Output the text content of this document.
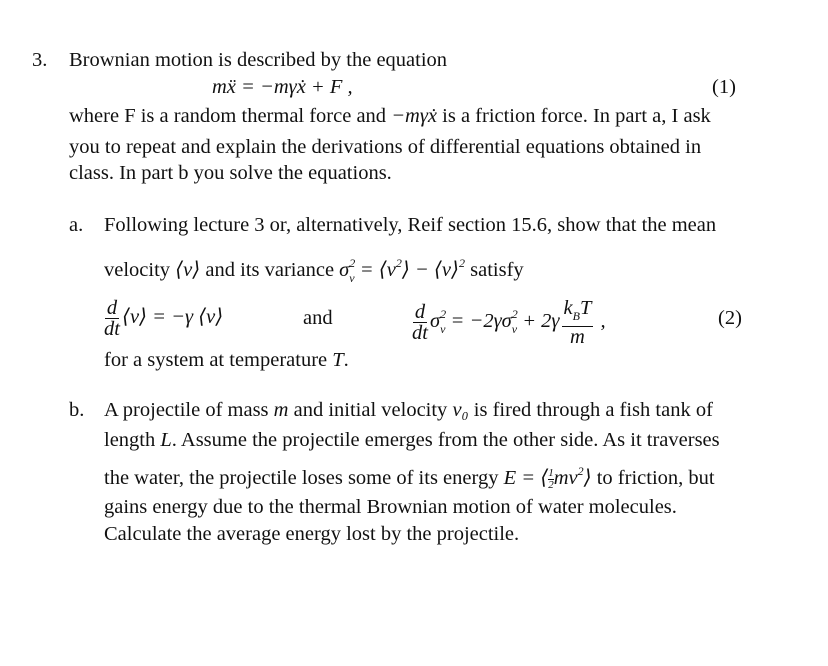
3. Brownian motion is described by the equation
mẍ = −mγẋ + F ,	(1)
where F is a random thermal force and −mγẋ is a friction force. In part a, I ask
you to repeat and explain the derivations of differential equations obtained in
class. In part b you solve the equations.
a. Following lecture 3 or, alternatively, Reif section 15.6, show that the mean
velocity ⟨v⟩ and its variance $\sigma^2_v$ = $⟨v^2⟩$ − ⟨v⟩$^2$ satisfy
$\frac{d}{dt}$ ⟨v⟩ = −γ ⟨v⟩	and	$\frac{d}{dt} \sigma^2_v = -2\gamma\sigma^2_v + 2\gamma \frac{k_BT}{m}$ ,	(2)
for a system at temperature T.
b. A projectile of mass m and initial velocity v₀ is fired through a fish tank of
length L. Assume the projectile emerges from the other side. As it traverses
the water, the projectile loses some of its energy E = ⟨ $\frac{1}{2}$ $mv^2⟩$ to friction, but
gains energy due to the thermal Brownian motion of water molecules.
Calculate the average energy lost by the projectile.
